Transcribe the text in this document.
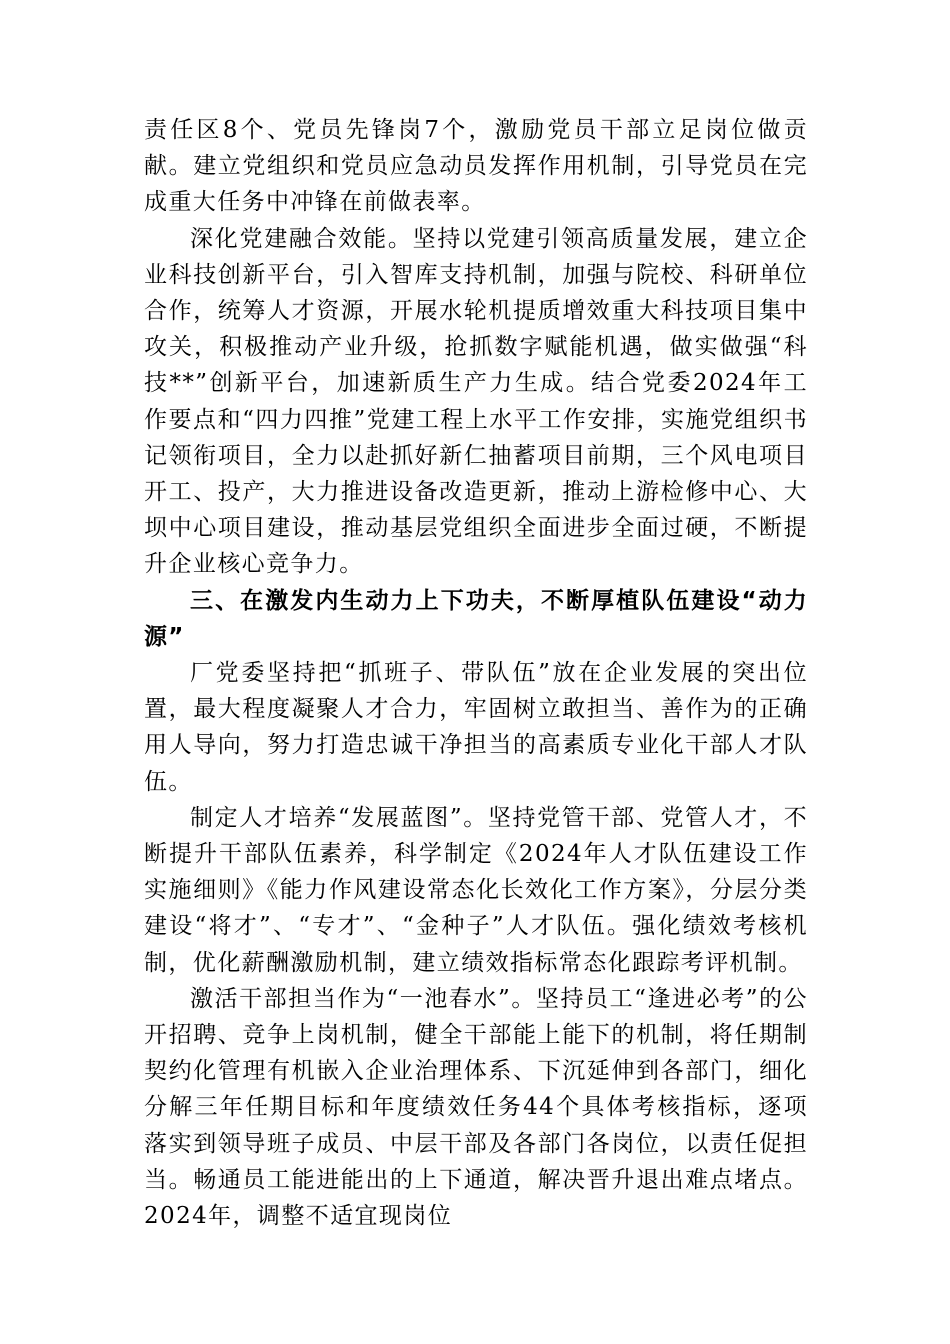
责任区8个、党员先锋岗7个，激励党员干部立足岗位做贡献。建立党组织和党员应急动员发挥作用机制，引导党员在完成重大任务中冲锋在前做表率。

深化党建融合效能。坚持以党建引领高质量发展，建立企业科技创新平台，引入智库支持机制，加强与院校、科研单位合作，统筹人才资源，开展水轮机提质增效重大科技项目集中攻关，积极推动产业升级，抢抓数字赋能机遇，做实做强“科技**”创新平台，加速新质生产力生成。结合党委2024年工作要点和“四力四推”党建工程上水平工作安排，实施党组织书记领衔项目，全力以赴抓好新仁抽蓄项目前期，三个风电项目开工、投产，大力推进设备改造更新，推动上游检修中心、大坝中心项目建设，推动基层党组织全面进步全面过硬，不断提升企业核心竞争力。

三、在激发内生动力上下功夫，不断厚植队伍建设“动力源”

厂党委坚持把“抓班子、带队伍”放在企业发展的突出位置，最大程度凝聚人才合力，牢固树立敢担当、善作为的正确用人导向，努力打造忠诚干净担当的高素质专业化干部人才队伍。

制定人才培养“发展蓝图”。坚持党管干部、党管人才，不断提升干部队伍素养，科学制定《2024年人才队伍建设工作实施细则》《能力作风建设常态化长效化工作方案》，分层分类建设“将才”、“专才”、“金种子”人才队伍。强化绩效考核机制，优化薪酬激励机制，建立绩效指标常态化跟踪考评机制。

激活干部担当作为“一池春水”。坚持员工“逢进必考”的公开招聘、竞争上岗机制，健全干部能上能下的机制，将任期制契约化管理有机嵌入企业治理体系、下沉延伸到各部门，细化分解三年任期目标和年度绩效任务44个具体考核指标，逐项落实到领导班子成员、中层干部及各部门各岗位，以责任促担当。畅通员工能进能出的上下通道，解决晋升退出难点堵点。2024年，调整不适宜现岗位
